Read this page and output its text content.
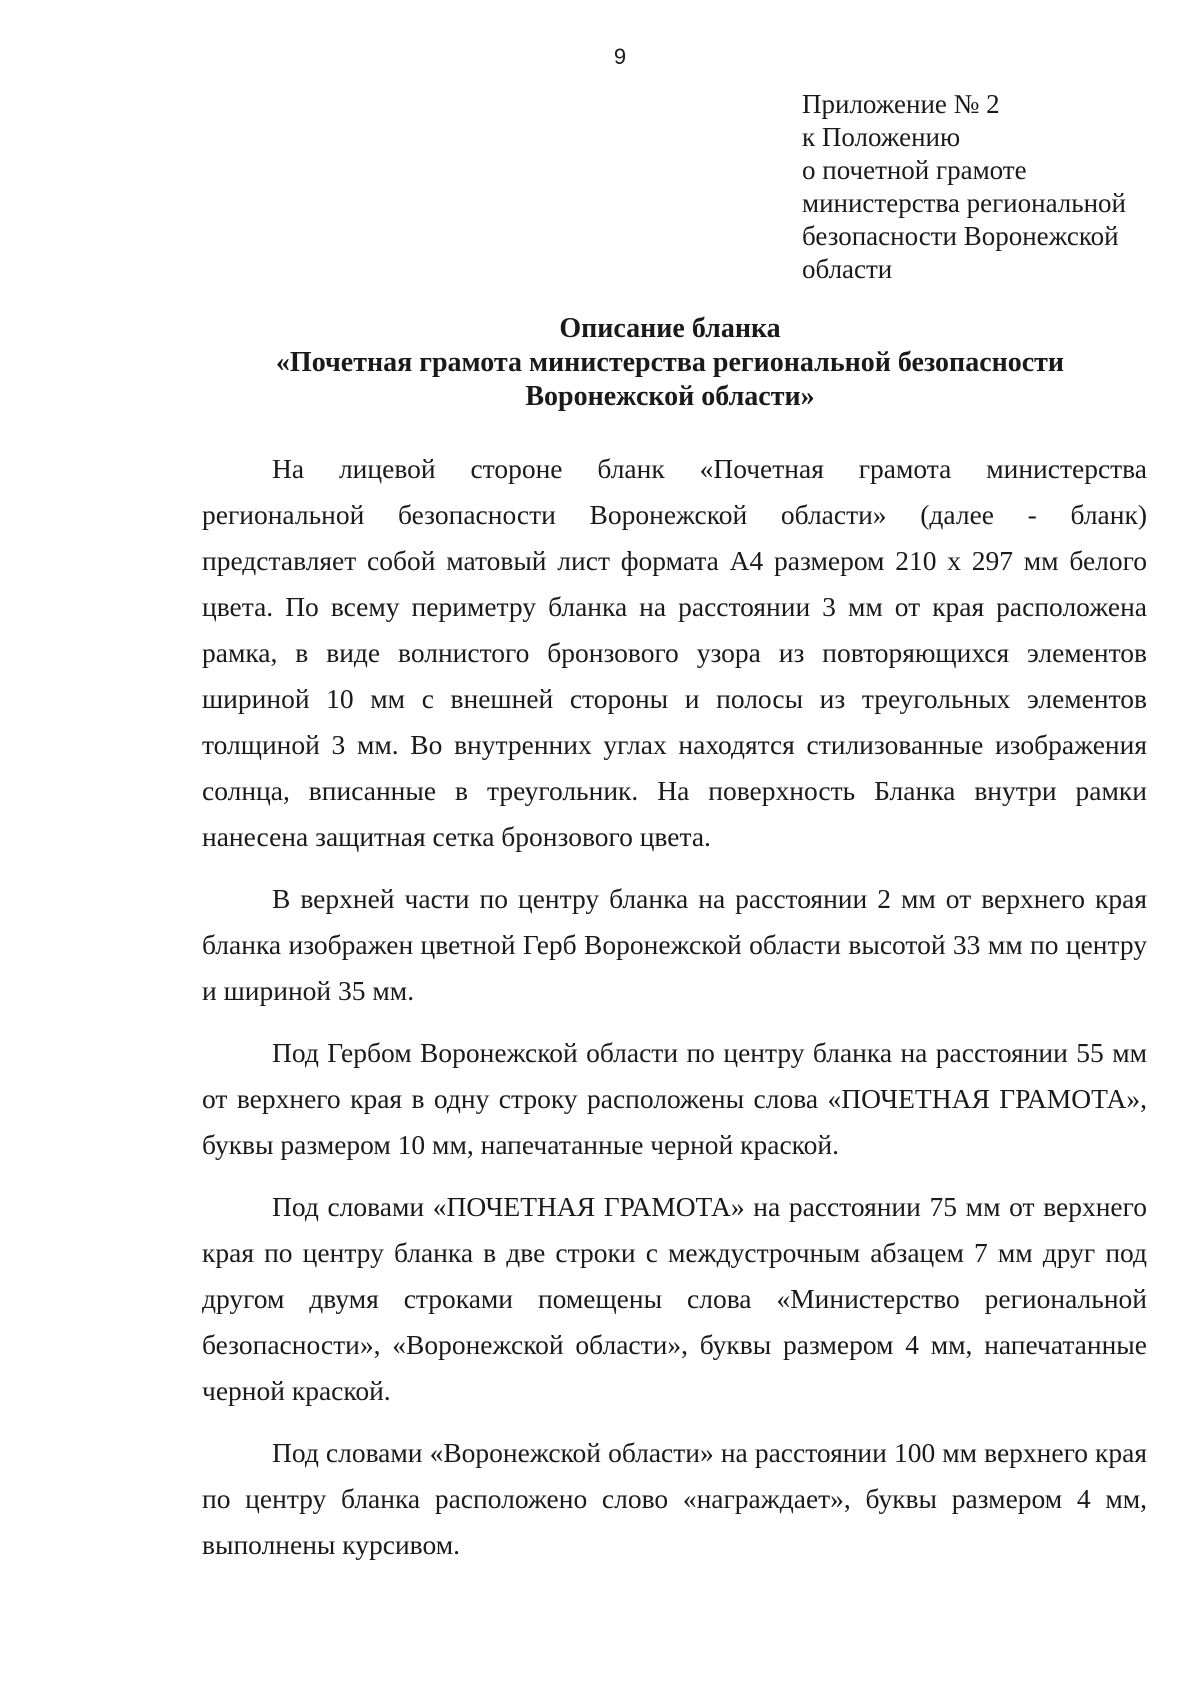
9
Приложение № 2
к Положению
о почетной грамоте
министерства региональной
безопасности Воронежской
области
Описание бланка
«Почетная грамота министерства региональной безопасности
Воронежской области»

На лицевой стороне бланк «Почетная грамота министерства региональной безопасности Воронежской области» (далее - бланк) представляет собой матовый лист формата А4 размером 210 х 297 мм белого цвета. По всему периметру бланка на расстоянии 3 мм от края расположена рамка, в виде волнистого бронзового узора из повторяющихся элементов шириной 10 мм с внешней стороны и полосы из треугольных элементов толщиной 3 мм. Во внутренних углах находятся стилизованные изображения солнца, вписанные в треугольник. На поверхность Бланка внутри рамки нанесена защитная сетка бронзового цвета.

В верхней части по центру бланка на расстоянии 2 мм от верхнего края бланка изображен цветной Герб Воронежской области высотой 33 мм по центру и шириной 35 мм.

Под Гербом Воронежской области по центру бланка на расстоянии 55 мм от верхнего края в одну строку расположены слова «ПОЧЕТНАЯ ГРАМОТА», буквы размером 10 мм, напечатанные черной краской.

Под словами «ПОЧЕТНАЯ ГРАМОТА» на расстоянии 75 мм от верхнего края по центру бланка в две строки с междустрочным абзацем 7 мм друг под другом двумя строками помещены слова «Министерство региональной безопасности», «Воронежской области», буквы размером 4 мм, напечатанные черной краской.

Под словами «Воронежской области» на расстоянии 100 мм верхнего края по центру бланка расположено слово «награждает», буквы размером 4 мм, выполнены курсивом.
